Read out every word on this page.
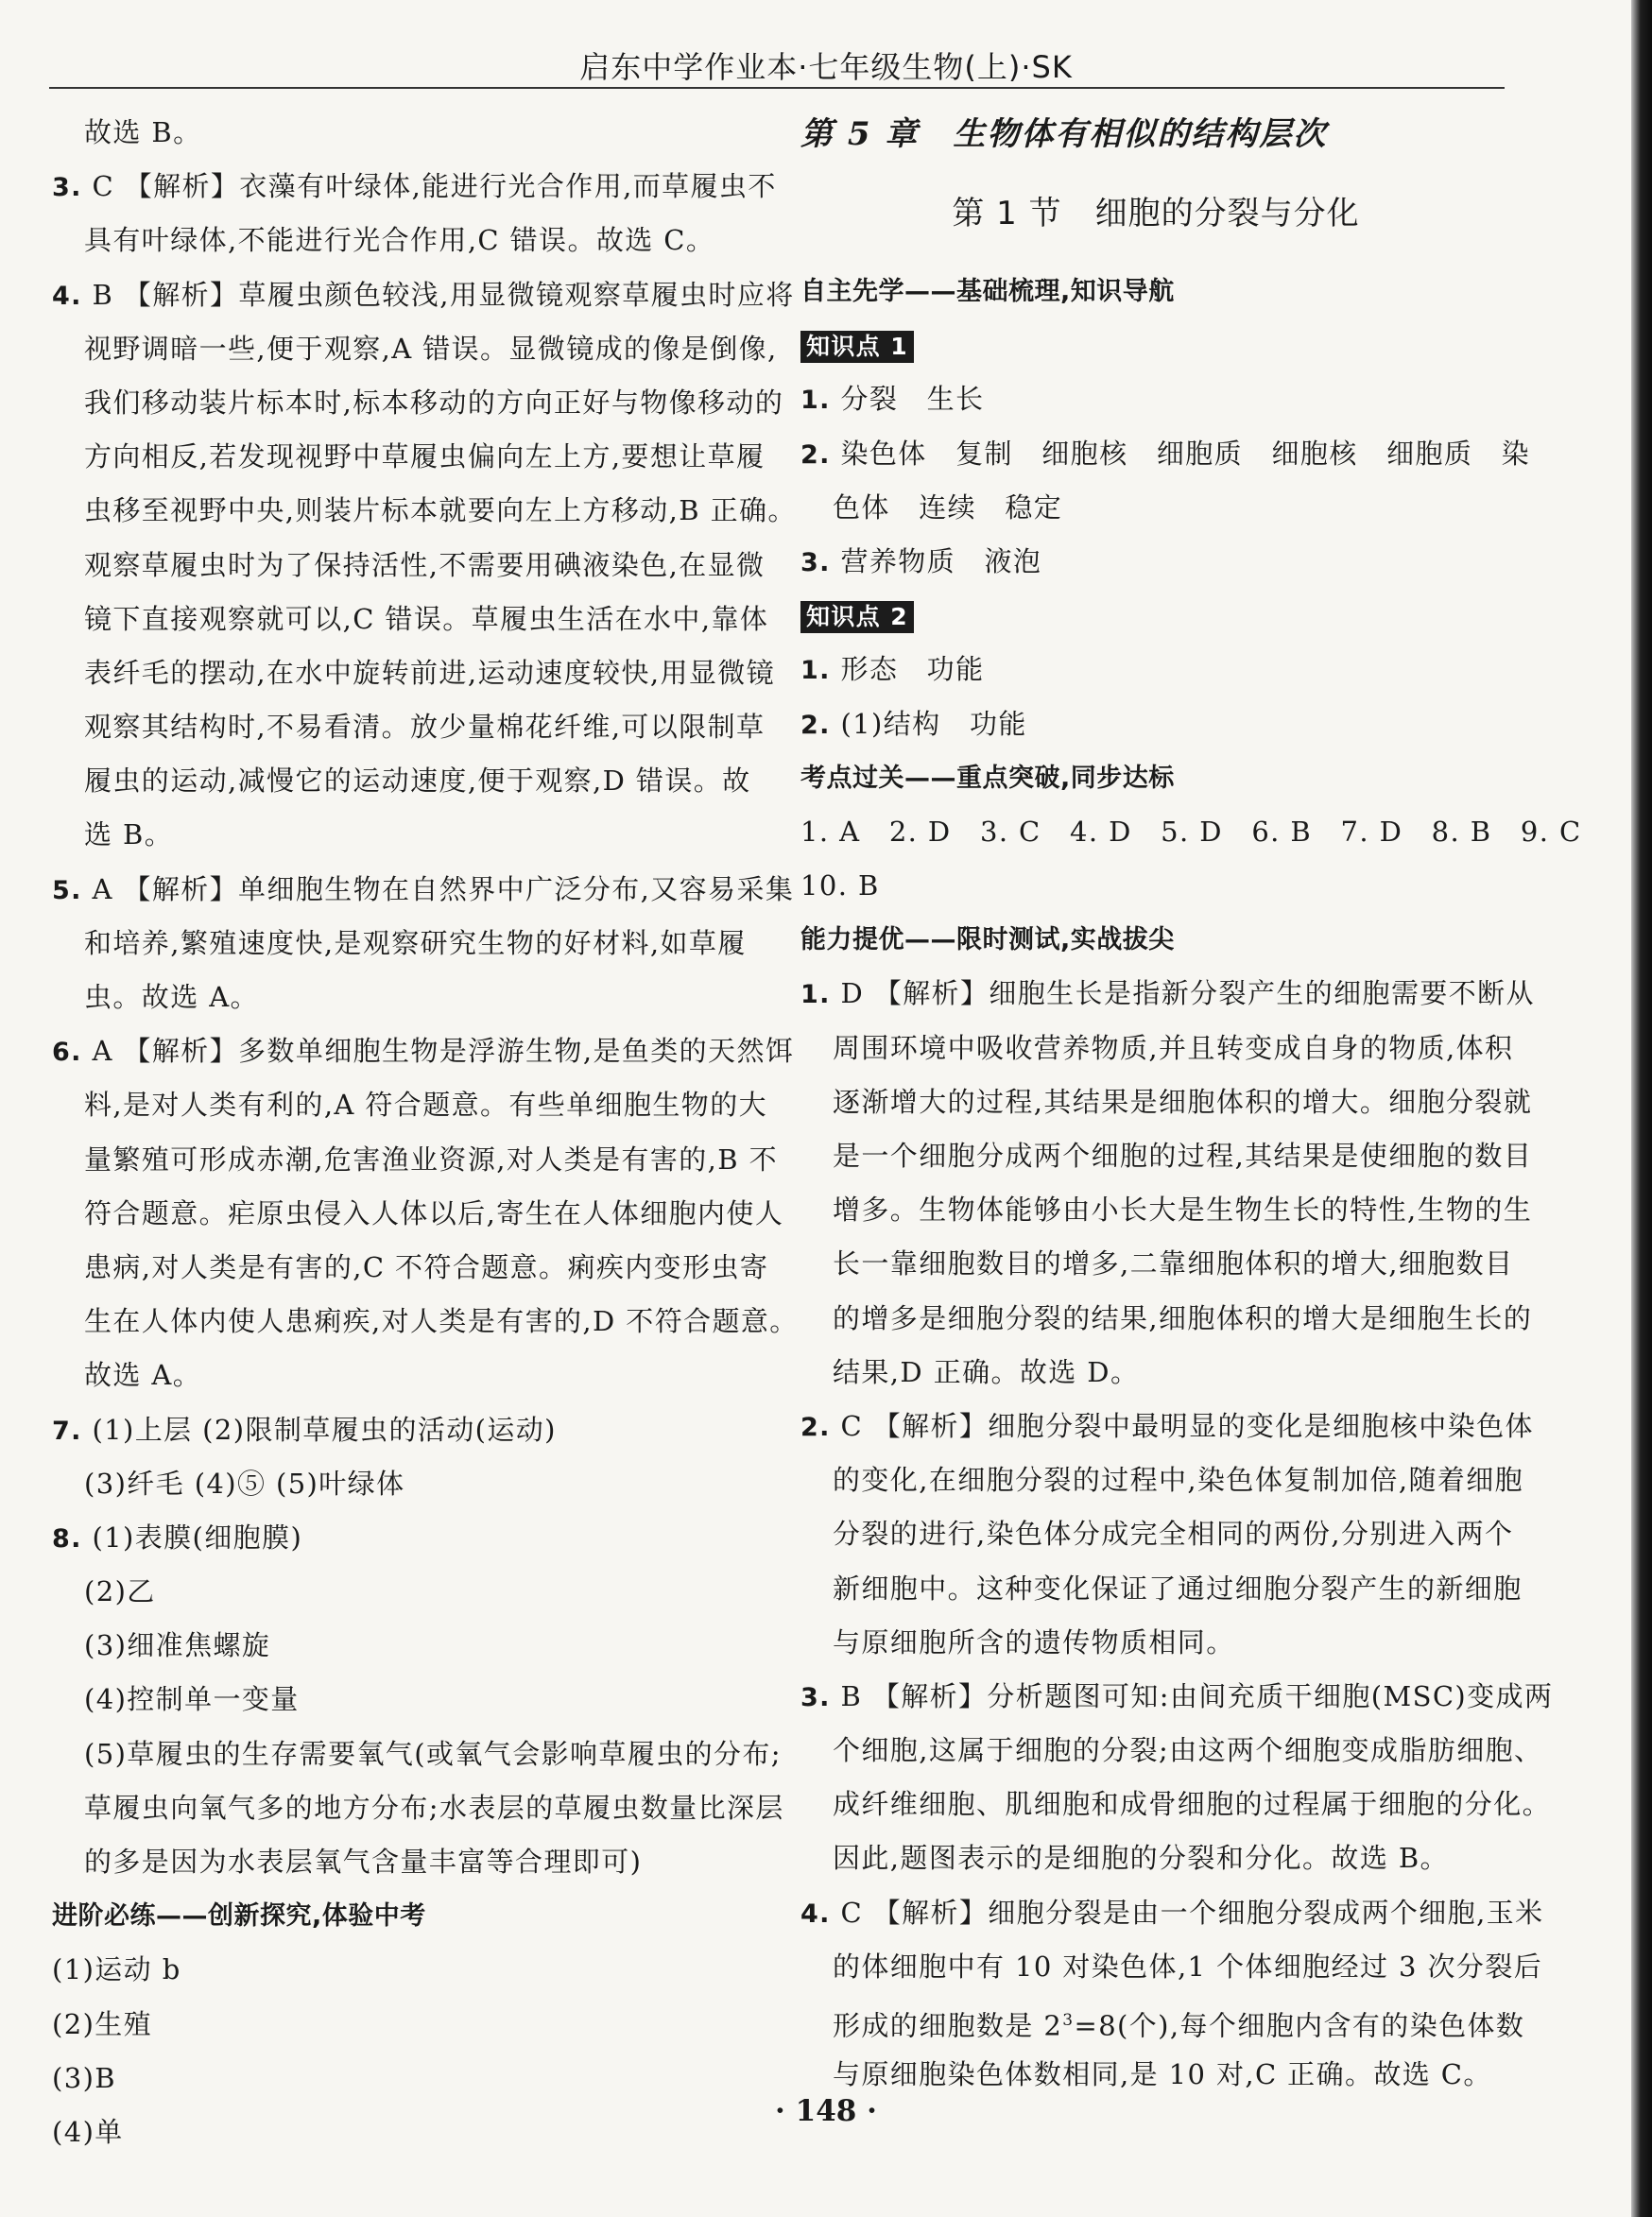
启东中学作业本·七年级生物(上)·SK
故选 B。
3. C 【解析】衣藻有叶绿体,能进行光合作用,而草履虫不
具有叶绿体,不能进行光合作用,C 错误。故选 C。
4. B 【解析】草履虫颜色较浅,用显微镜观察草履虫时应将
视野调暗一些,便于观察,A 错误。显微镜成的像是倒像,
我们移动装片标本时,标本移动的方向正好与物像移动的
方向相反,若发现视野中草履虫偏向左上方,要想让草履
虫移至视野中央,则装片标本就要向左上方移动,B 正确。
观察草履虫时为了保持活性,不需要用碘液染色,在显微
镜下直接观察就可以,C 错误。草履虫生活在水中,靠体
表纤毛的摆动,在水中旋转前进,运动速度较快,用显微镜
观察其结构时,不易看清。放少量棉花纤维,可以限制草
履虫的运动,减慢它的运动速度,便于观察,D 错误。故
选 B。
5. A 【解析】单细胞生物在自然界中广泛分布,又容易采集
和培养,繁殖速度快,是观察研究生物的好材料,如草履
虫。故选 A。
6. A 【解析】多数单细胞生物是浮游生物,是鱼类的天然饵
料,是对人类有利的,A 符合题意。有些单细胞生物的大
量繁殖可形成赤潮,危害渔业资源,对人类是有害的,B 不
符合题意。疟原虫侵入人体以后,寄生在人体细胞内使人
患病,对人类是有害的,C 不符合题意。痢疾内变形虫寄
生在人体内使人患痢疾,对人类是有害的,D 不符合题意。
故选 A。
7. (1)上层 (2)限制草履虫的活动(运动)
(3)纤毛 (4)⑤ (5)叶绿体
8. (1)表膜(细胞膜)
(2)乙
(3)细准焦螺旋
(4)控制单一变量
(5)草履虫的生存需要氧气(或氧气会影响草履虫的分布;
草履虫向氧气多的地方分布;水表层的草履虫数量比深层
的多是因为水表层氧气含量丰富等合理即可)
进阶必练——创新探究,体验中考
(1)运动 b
(2)生殖
(3)B
(4)单
第 5 章　生物体有相似的结构层次
第 1 节　细胞的分裂与分化
自主先学——基础梳理,知识导航
知识点 1
1. 分裂　生长
2. 染色体　复制　细胞核　细胞质　细胞核　细胞质　染
色体　连续　稳定
3. 营养物质　液泡
知识点 2
1. 形态　功能
2. (1)结构　功能
考点过关——重点突破,同步达标
1. A　2. D　3. C　4. D　5. D　6. B　7. D　8. B　9. C
10. B
能力提优——限时测试,实战拔尖
1. D 【解析】细胞生长是指新分裂产生的细胞需要不断从
周围环境中吸收营养物质,并且转变成自身的物质,体积
逐渐增大的过程,其结果是细胞体积的增大。细胞分裂就
是一个细胞分成两个细胞的过程,其结果是使细胞的数目
增多。生物体能够由小长大是生物生长的特性,生物的生
长一靠细胞数目的增多,二靠细胞体积的增大,细胞数目
的增多是细胞分裂的结果,细胞体积的增大是细胞生长的
结果,D 正确。故选 D。
2. C 【解析】细胞分裂中最明显的变化是细胞核中染色体
的变化,在细胞分裂的过程中,染色体复制加倍,随着细胞
分裂的进行,染色体分成完全相同的两份,分别进入两个
新细胞中。这种变化保证了通过细胞分裂产生的新细胞
与原细胞所含的遗传物质相同。
3. B 【解析】分析题图可知:由间充质干细胞(MSC)变成两
个细胞,这属于细胞的分裂;由这两个细胞变成脂肪细胞、
成纤维细胞、肌细胞和成骨细胞的过程属于细胞的分化。
因此,题图表示的是细胞的分裂和分化。故选 B。
4. C 【解析】细胞分裂是由一个细胞分裂成两个细胞,玉米
的体细胞中有 10 对染色体,1 个体细胞经过 3 次分裂后
形成的细胞数是 $2^3=8$(个),每个细胞内含有的染色体数
与原细胞染色体数相同,是 10 对,C 正确。故选 C。
· 148 ·
